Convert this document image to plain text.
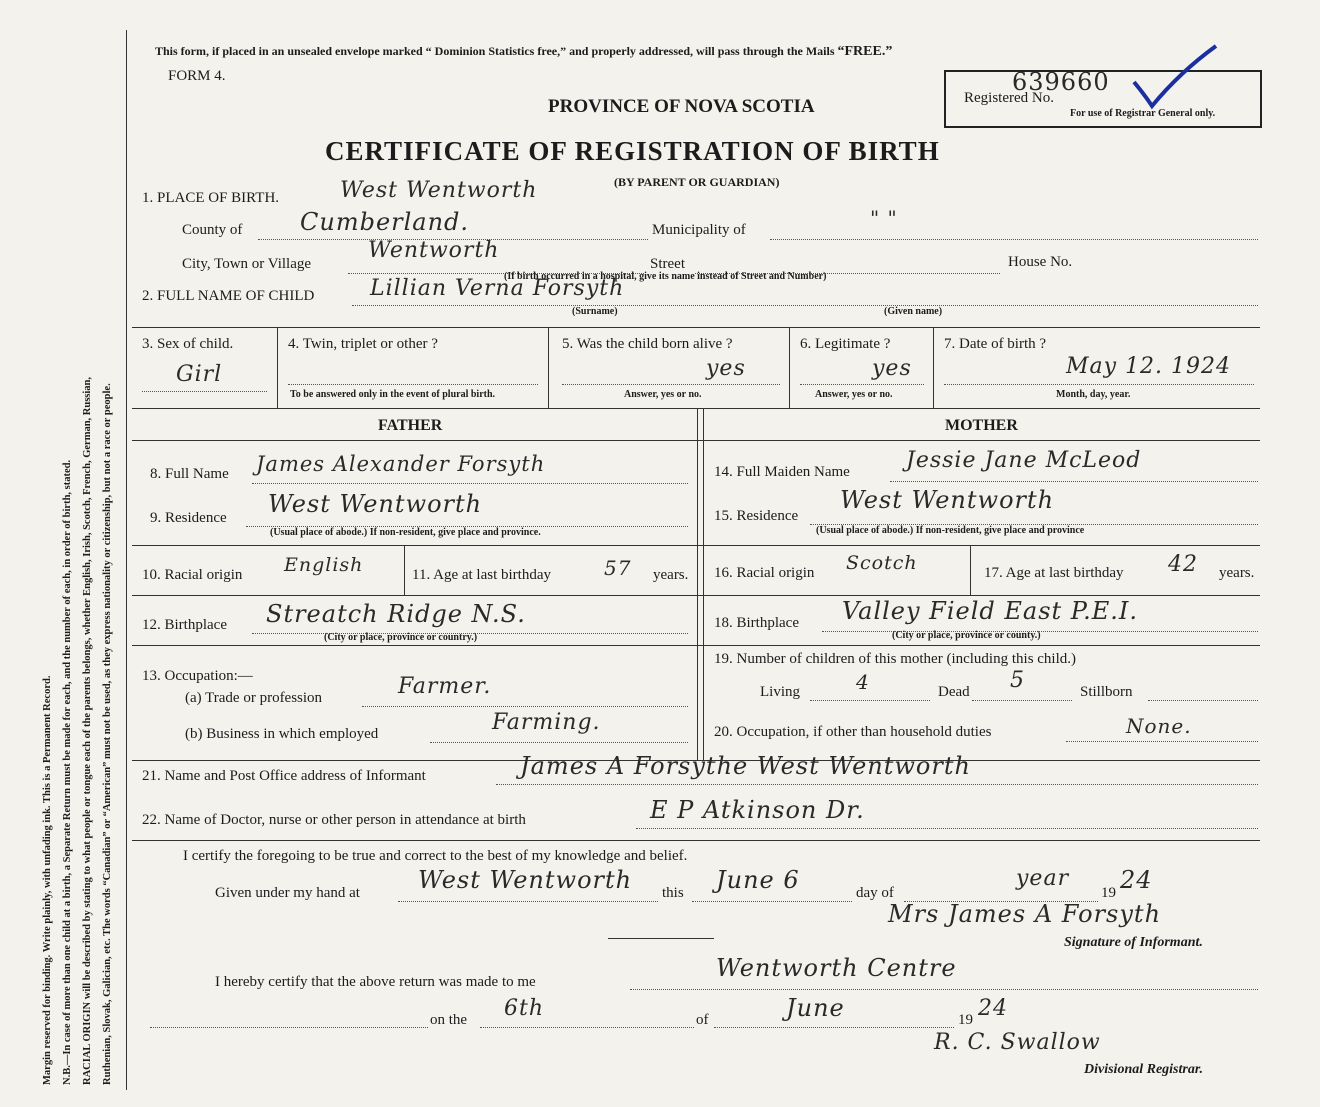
Margin reserved for binding. Write plainly, with unfading ink. This is a Permanent Record. N.B.—In case of more than one child at a birth, a Separate Return must be made for each, and the number of each, in order of birth, stated. RACIAL ORIGIN will be described by stating to what people or tongue each of the parents belongs, whether English, Irish, Scotch, French, German, Russian, Ruthenian, Slovak, Galician, etc. The words “Canadian” or “American” must not be used, as they express nationality or citizenship, but not a race or people.
This form, if placed in an unsealed envelope marked “ Dominion Statistics free,” and properly addressed, will pass through the Mails “FREE.”
FORM 4.
PROVINCE OF NOVA SCOTIA
CERTIFICATE OF REGISTRATION OF BIRTH
(BY PARENT OR GUARDIAN)
639660
Registered No.
For use of Registrar General only.
1. PLACE OF BIRTH.	West Wentworth
County of Cumberland.	Municipality of	" "
City, Town or Village
Wentworth
Street	House No.
(If birth occurred in a hospital, give its name instead of Street and Number)
2. FULL NAME OF CHILD	Lillian Verna Forsyth
(Surname)	(Given name)
3. Sex of child.
Girl
4. Twin, triplet or other ?
To be answered only in the event of plural birth.
5. Was the child born alive ?
yes
Answer, yes or no.
6. Legitimate ?
yes
Answer, yes or no.
7. Date of birth ?
May 12. 1924
Month, day, year.
FATHER	MOTHER
8. Full Name James Alexander Forsyth
9. Residence West Wentworth
(Usual place of abode.) If non-resident, give place and province.
10. Racial origin English	11. Age at last birthday	57 years.
12. Birthplace Streatch Ridge N.S.
(City or place, province or country.)
13. Occupation:—
(a) Trade or profession	Farmer.
(b) Business in which employed	Farming.
14. Full Maiden Name	Jessie Jane McLeod
15. Residence
West Wentworth
(Usual place of abode.) If non-resident, give place and province
16. Racial origin Scotch	17. Age at last birthday 42 years.
18. Birthplace Valley Field East P.E.I.
(City or place, province or county.)
19. Number of children of this mother (including this child.)
Living	4	Dead 5	Stillborn
20. Occupation, if other than household duties	None.
21. Name and Post Office address of Informant	James A Forsythe West Wentworth
22. Name of Doctor, nurse or other person in attendance at birth	E P Atkinson Dr.
I certify the foregoing to be true and correct to the best of my knowledge and belief.
Given under my hand at West Wentworth this June 6	day of
year
19 24
Mrs James A Forsyth
Signature of Informant.
I hereby certify that the above return was made to me	Wentworth Centre
on the 6th	of	June	19 24
R. C. Swallow
Divisional Registrar.
